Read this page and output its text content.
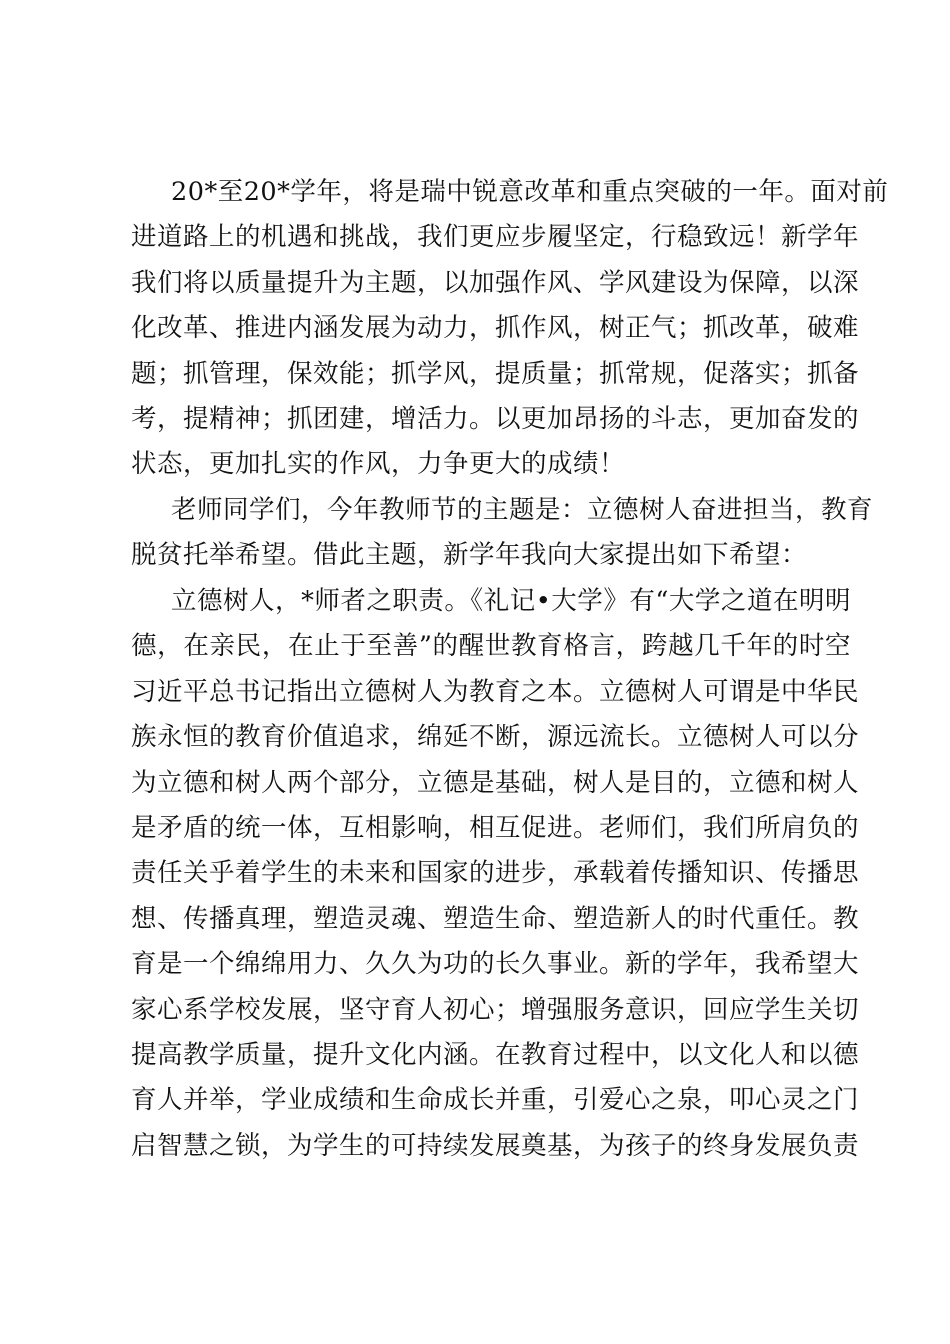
20*至20*学年，将是瑞中锐意改革和重点突破的一年。面对前
进道路上的机遇和挑战，我们更应步履坚定，行稳致远！新学年
我们将以质量提升为主题，以加强作风、学风建设为保障，以深
化改革、推进内涵发展为动力，抓作风，树正气；抓改革，破难
题；抓管理，保效能；抓学风，提质量；抓常规，促落实；抓备
考，提精神；抓团建，增活力。以更加昂扬的斗志，更加奋发的
状态，更加扎实的作风，力争更大的成绩！
老师同学们，今年教师节的主题是：立德树人奋进担当，教育
脱贫托举希望。借此主题，新学年我向大家提出如下希望：
立德树人，*师者之职责。《礼记•大学》有“大学之道在明明
德，在亲民，在止于至善”的醒世教育格言，跨越几千年的时空
习近平总书记指出立德树人为教育之本。立德树人可谓是中华民
族永恒的教育价值追求，绵延不断，源远流长。立德树人可以分
为立德和树人两个部分，立德是基础，树人是目的，立德和树人
是矛盾的统一体，互相影响，相互促进。老师们，我们所肩负的
责任关乎着学生的未来和国家的进步，承载着传播知识、传播思
想、传播真理，塑造灵魂、塑造生命、塑造新人的时代重任。教
育是一个绵绵用力、久久为功的长久事业。新的学年，我希望大
家心系学校发展，坚守育人初心；增强服务意识，回应学生关切
提高教学质量，提升文化内涵。在教育过程中，以文化人和以德
育人并举，学业成绩和生命成长并重，引爱心之泉，叩心灵之门
启智慧之锁，为学生的可持续发展奠基，为孩子的终身发展负责
